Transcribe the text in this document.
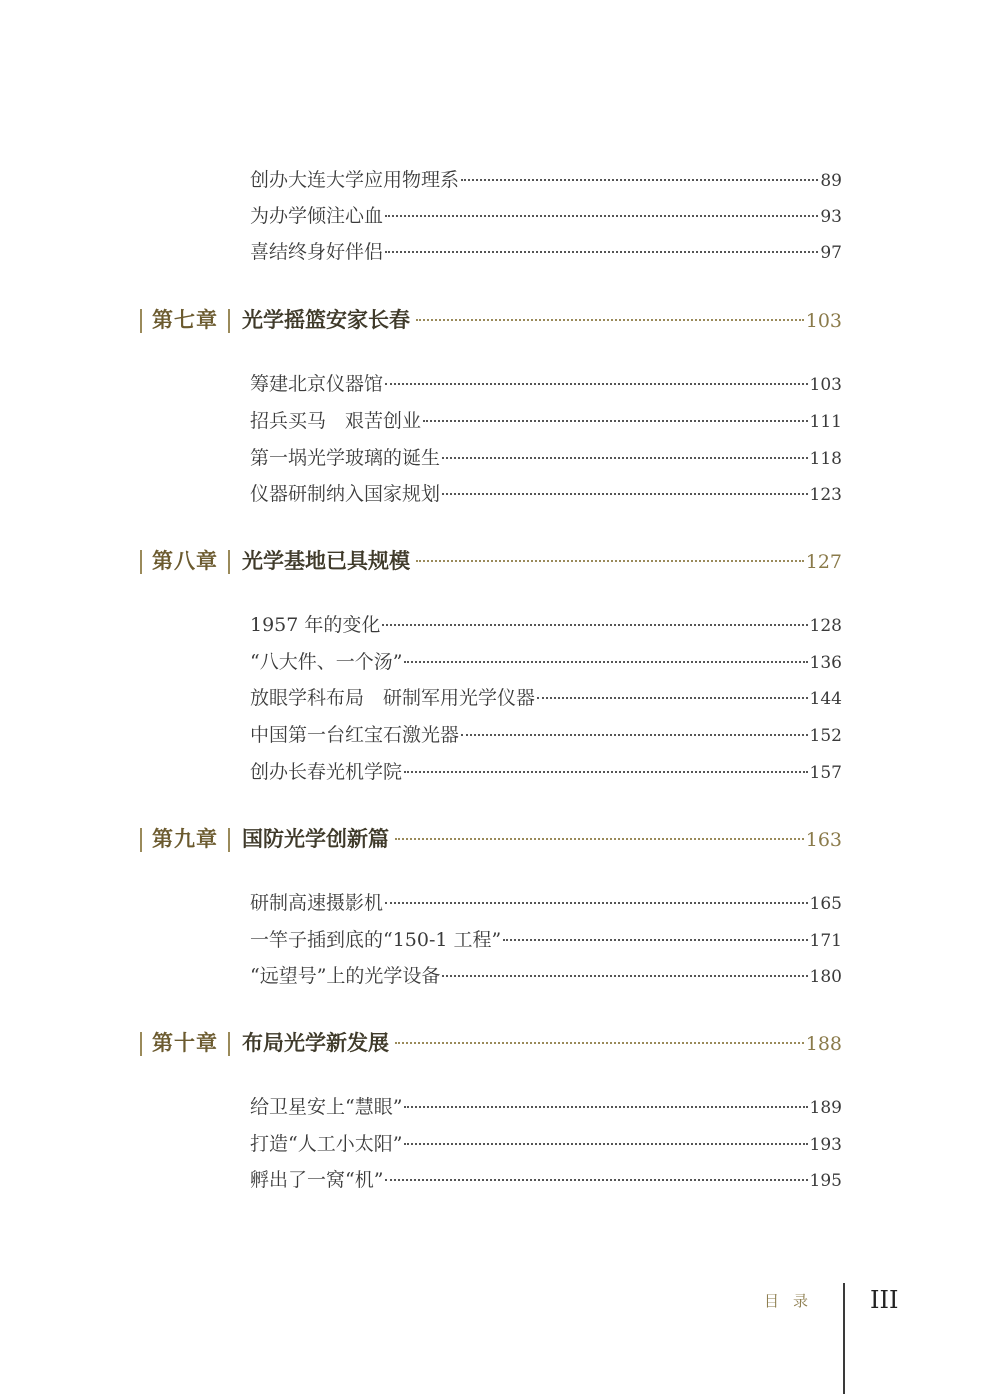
创办大连大学应用物理系	89
为办学倾注心血	93
喜结终身好伴侣	97
第七章 光学摇篮安家长春	103
筹建北京仪器馆	103
招兵买马　艰苦创业	111
第一埚光学玻璃的诞生	118
仪器研制纳入国家规划	123
第八章 光学基地已具规模	127
1957 年的变化	128
“八大件、一个汤”	136
放眼学科布局　研制军用光学仪器	144
中国第一台红宝石激光器	152
创办长春光机学院	157
第九章 国防光学创新篇	163
研制高速摄影机	165
一竿子插到底的“150-1 工程”	171
“远望号”上的光学设备	180
第十章 布局光学新发展	188
给卫星安上“慧眼”	189
打造“人工小太阳”	193
孵出了一窝“机”	195
目录 III
